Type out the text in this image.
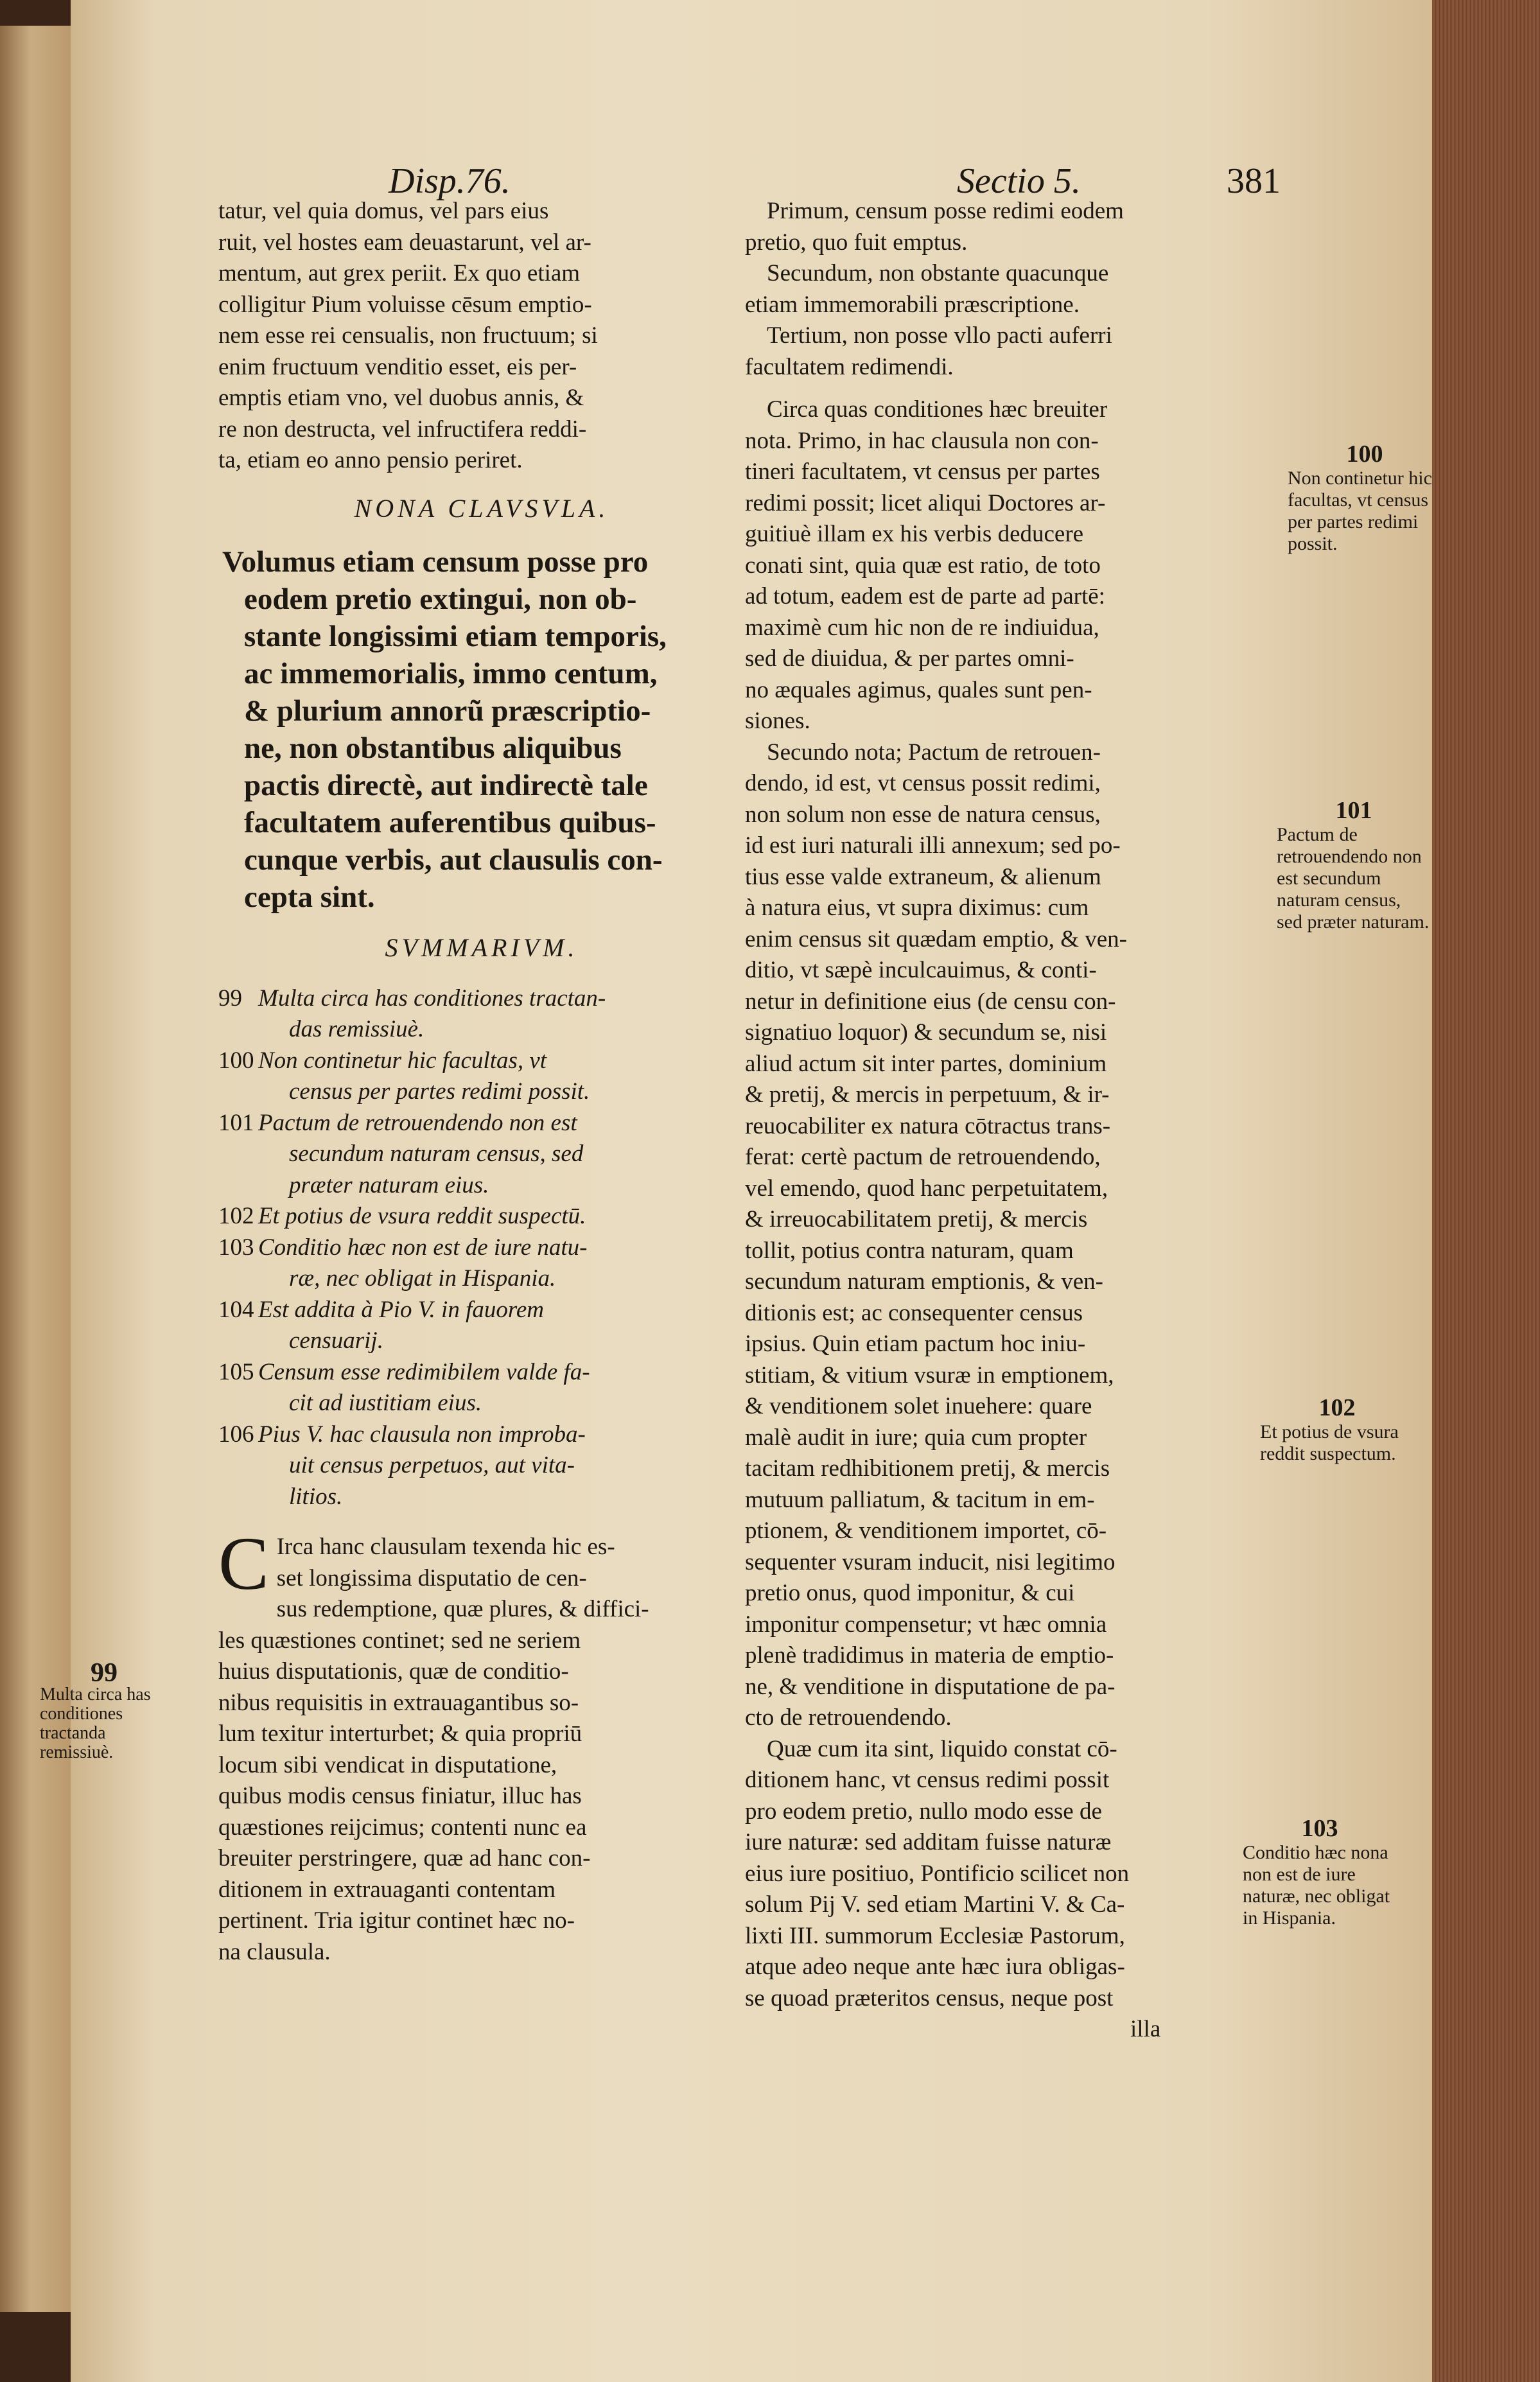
Disp.76.	Sectio 5.	381
tatur, vel quia domus, vel pars eius
ruit, vel hostes eam deuastarunt, vel ar-
mentum, aut grex periit. Ex quo etiam
colligitur Pium voluisse cēsum emptio-
nem esse rei censualis, non fructuum; si
enim fructuum venditio esset, eis per-
emptis etiam vno, vel duobus annis, &
re non destructa, vel infructifera reddi-
ta, etiam eo anno pensio periret.
NONA CLAVSVLA.
Volumus etiam censum posse pro
eodem pretio extingui, non ob-
stante longissimi etiam temporis,
ac immemorialis, immo centum,
& plurium annorũ præscriptio-
ne, non obstantibus aliquibus
pactis directè, aut indirectè tale
facultatem auferentibus quibus-
cunque verbis, aut clausulis con-
cepta sint.
SVMMARIVM.
99 Multa circa has conditiones tractan-
das remissiuè.
100 Non continetur hic facultas, vt
census per partes redimi possit.
101 Pactum de retrouendendo non est
secundum naturam census, sed
præter naturam eius.
102 Et potius de vsura reddit suspectū.
103 Conditio hæc non est de iure natu-
ræ, nec obligat in Hispania.
104 Est addita à Pio V. in fauorem
censuarij.
105 Censum esse redimibilem valde fa-
cit ad iustitiam eius.
106 Pius V. hac clausula non improba-
uit census perpetuos, aut vita-
litios.
C Irca hanc clausulam texenda hic es-
set longissima disputatio de cen-
sus redemptione, quæ plures, & diffici-
les quæstiones continet; sed ne seriem
huius disputationis, quæ de conditio-
nibus requisitis in extrauagantibus so-
lum texitur interturbet; & quia propriū
locum sibi vendicat in disputatione,
quibus modis census finiatur, illuc has
quæstiones reijcimus; contenti nunc ea
breuiter perstringere, quæ ad hanc con-
ditionem in extrauaganti contentam
pertinent. Tria igitur continet hæc no-
na clausula.
Primum, censum posse redimi eodem
pretio, quo fuit emptus.
Secundum, non obstante quacunque
etiam immemorabili præscriptione.
Tertium, non posse vllo pacti auferri
facultatem redimendi.
Circa quas conditiones hæc breuiter
nota. Primo, in hac clausula non con-
tineri facultatem, vt census per partes
redimi possit; licet aliqui Doctores ar-
guitiuè illam ex his verbis deducere
conati sint, quia quæ est ratio, de toto
ad totum, eadem est de parte ad partē:
maximè cum hic non de re indiuidua,
sed de diuidua, & per partes omni-
no æquales agimus, quales sunt pen-
siones.
Secundo nota; Pactum de retrouen-
dendo, id est, vt census possit redimi,
non solum non esse de natura census,
id est iuri naturali illi annexum; sed po-
tius esse valde extraneum, & alienum
à natura eius, vt supra diximus: cum
enim census sit quædam emptio, & ven-
ditio, vt sæpè inculcauimus, & conti-
netur in definitione eius (de censu con-
signatiuo loquor) & secundum se, nisi
aliud actum sit inter partes, dominium
& pretij, & mercis in perpetuum, & ir-
reuocabiliter ex natura cōtractus trans-
ferat: certè pactum de retrouendendo,
vel emendo, quod hanc perpetuitatem,
& irreuocabilitatem pretij, & mercis
tollit, potius contra naturam, quam
secundum naturam emptionis, & ven-
ditionis est; ac consequenter census
ipsius. Quin etiam pactum hoc iniu-
stitiam, & vitium vsuræ in emptionem,
& venditionem solet inuehere: quare
malè audit in iure; quia cum propter
tacitam redhibitionem pretij, & mercis
mutuum palliatum, & tacitum in em-
ptionem, & venditionem importet, cō-
sequenter vsuram inducit, nisi legitimo
pretio onus, quod imponitur, & cui
imponitur compensetur; vt hæc omnia
plenè tradidimus in materia de emptio-
ne, & venditione in disputatione de pa-
cto de retrouendendo.
Quæ cum ita sint, liquido constat cō-
ditionem hanc, vt census redimi possit
pro eodem pretio, nullo modo esse de
iure naturæ: sed additam fuisse naturæ
eius iure positiuo, Pontificio scilicet non
solum Pij V. sed etiam Martini V. & Ca-
lixti III. summorum Ecclesiæ Pastorum,
atque adeo neque ante hæc iura obligas-
se quoad præteritos census, neque post
illa
100
Non continetur hic facultas, vt census per partes redimi possit.
101
Pactum de retrouendendo non est secundum naturam census, sed præter naturam.
102
Et potius de vsura reddit suspectum.
103
Conditio hæc nona non est de iure naturæ, nec obligat in Hispania.
99
Multa circa has conditiones tractanda remissiuè.
